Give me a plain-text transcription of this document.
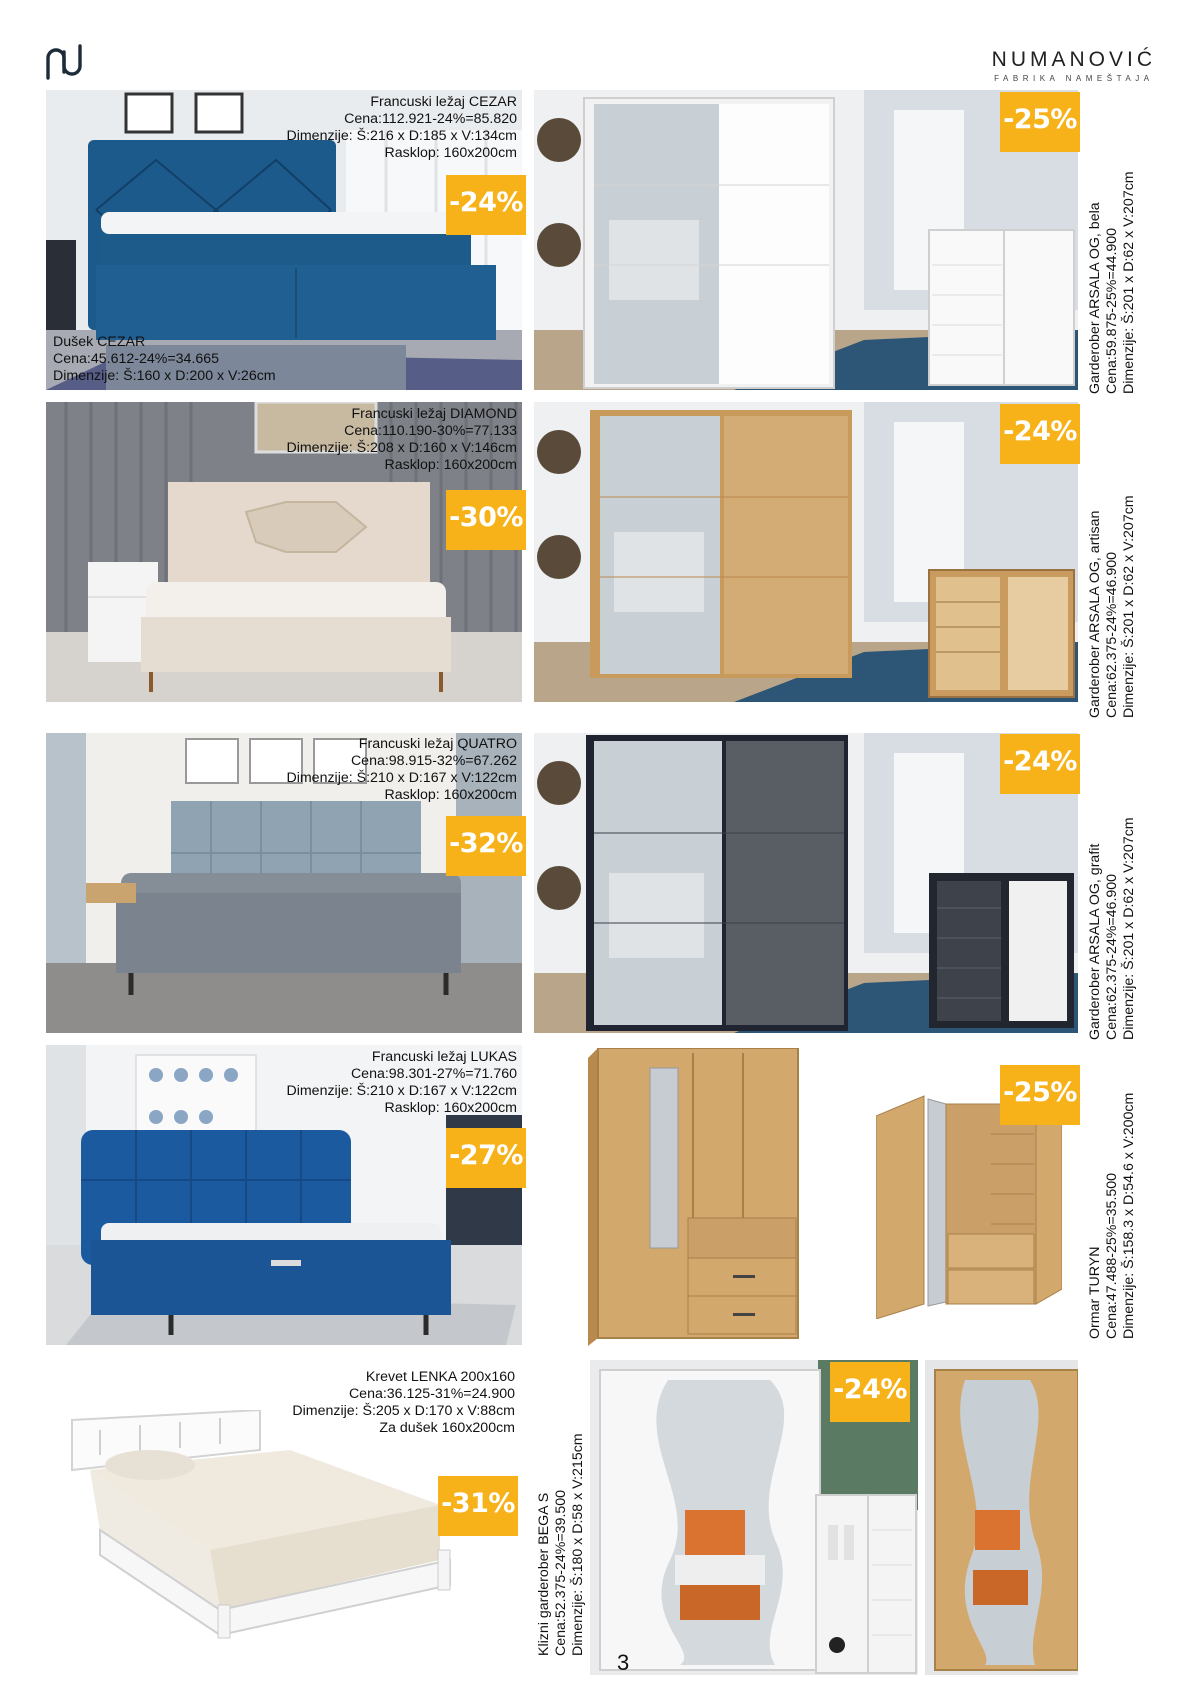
NUMANOVIĆ
FABRIKA NAMEŠTAJA
-24%
Francuski ležaj CEZAR
Cena:112.921-24%=85.820
Dimenzije: Š:216 x D:185 x V:134cm
Rasklop: 160x200cm
Dušek CEZAR
Cena:45.612-24%=34.665
Dimenzije: Š:160 x D:200 x V:26cm
-30%
Francuski ležaj DIAMOND
Cena:110.190-30%=77.133
Dimenzije: Š:208 x D:160 x V:146cm
Rasklop: 160x200cm
-32%
Francuski ležaj QUATRO
Cena:98.915-32%=67.262
Dimenzije: Š:210 x D:167 x V:122cm
Rasklop: 160x200cm
-27%
Francuski ležaj LUKAS
Cena:98.301-27%=71.760
Dimenzije: Š:210 x D:167 x V:122cm
Rasklop: 160x200cm
-31%
Krevet LENKA 200x160
Cena:36.125-31%=24.900
Dimenzije: Š:205 x D:170 x V:88cm
Za dušek 160x200cm
-25%
Garderober ARSALA OG, bela Cena:59.875-25%=44.900 Dimenzije: Š:201 x D:62 x V:207cm
-24%
Garderober ARSALA OG, artisan Cena:62.375-24%=46.900 Dimenzije: Š:201 x D:62 x V:207cm
-24%
Garderober ARSALA OG, grafit Cena:62.375-24%=46.900 Dimenzije: Š:201 x D:62 x V:207cm
-25%
Ormar TURYN Cena:47.488-25%=35.500 Dimenzije: Š:158.3 x D:54.6 x V:200cm
-24%
Klizni garderober BEGA S Cena:52.375-24%=39.500 Dimenzije: Š:180 x D:58 x V:215cm
3
